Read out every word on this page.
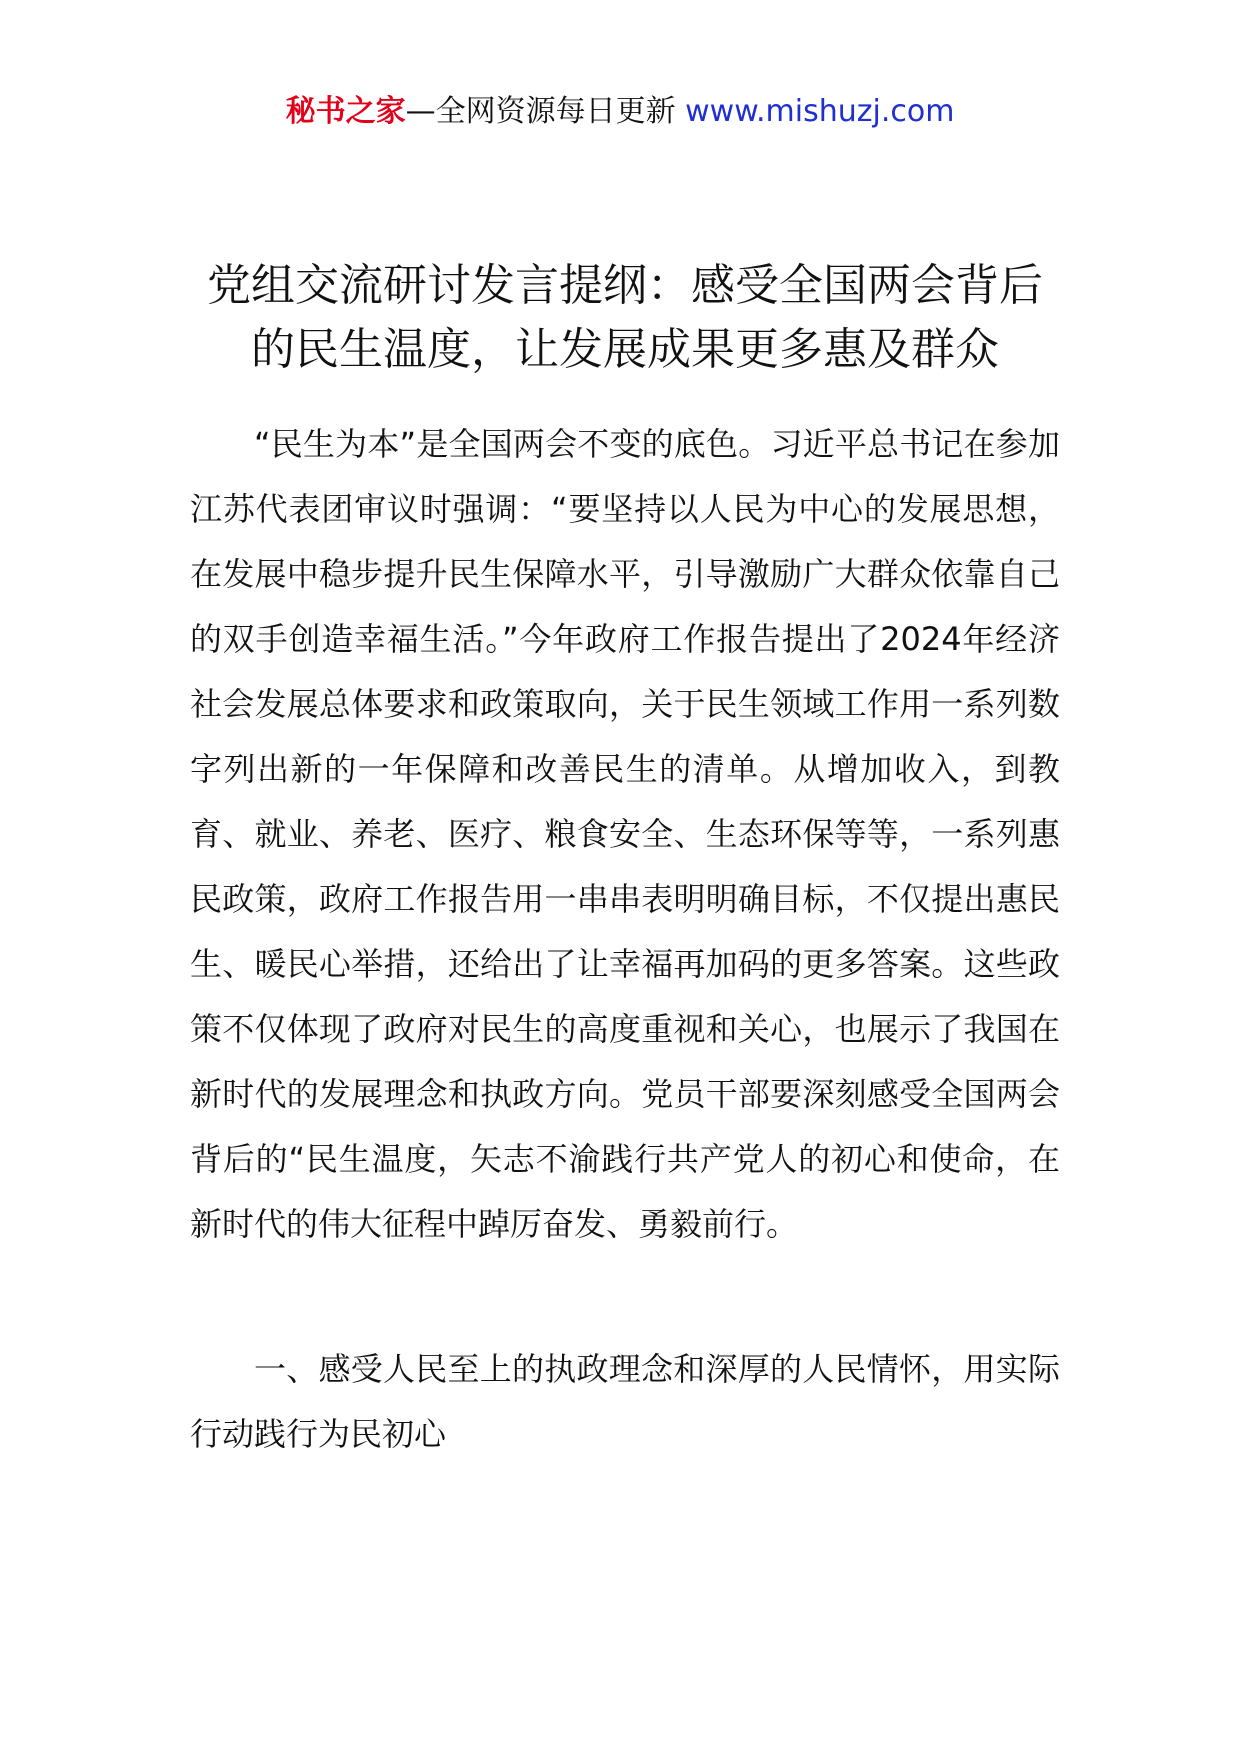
秘书之家—全网资源每日更新 www.mishuzj.com
党组交流研讨发言提纲：感受全国两会背后的民生温度，让发展成果更多惠及群众

“民生为本”是全国两会不变的底色。习近平总书记在参加江苏代表团审议时强调：“要坚持以人民为中心的发展思想，在发展中稳步提升民生保障水平，引导激励广大群众依靠自己的双手创造幸福生活。”今年政府工作报告提出了2024年经济社会发展总体要求和政策取向，关于民生领域工作用一系列数字列出新的一年保障和改善民生的清单。从增加收入，到教育、就业、养老、医疗、粮食安全、生态环保等等，一系列惠民政策，政府工作报告用一串串表明明确目标，不仅提出惠民生、暖民心举措，还给出了让幸福再加码的更多答案。这些政策不仅体现了政府对民生的高度重视和关心，也展示了我国在新时代的发展理念和执政方向。党员干部要深刻感受全国两会背后的“民生温度，矢志不渝践行共产党人的初心和使命，在新时代的伟大征程中踔厉奋发、勇毅前行。

一、感受人民至上的执政理念和深厚的人民情怀，用实际行动践行为民初心
